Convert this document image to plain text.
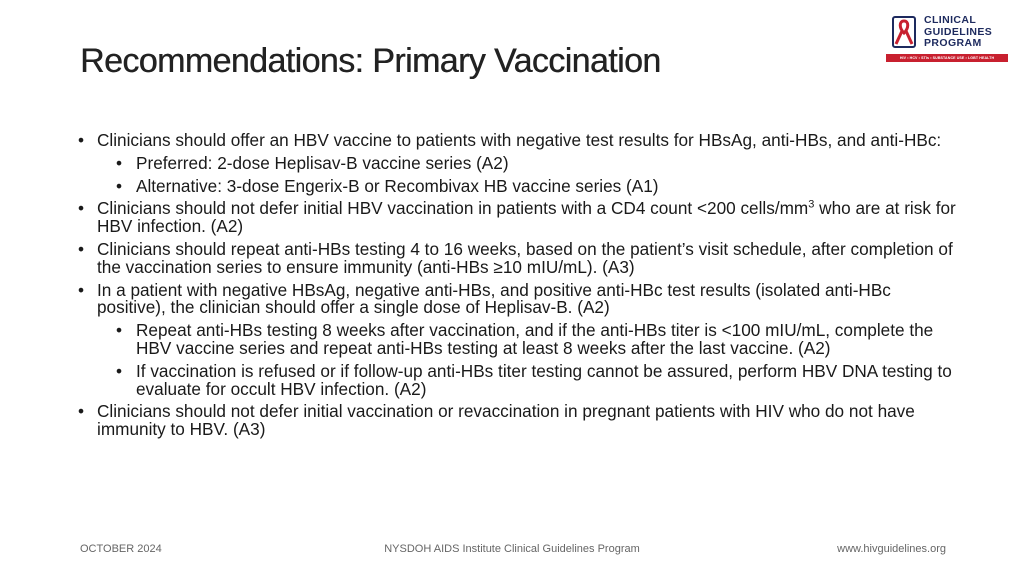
Recommendations: Primary Vaccination
CLINICAL
GUIDELINES
PROGRAM
HIV • HCV • STIs • SUBSTANCE USE • LGBT HEALTH
• Clinicians should offer an HBV vaccine to patients with negative test results for HBsAg, anti-HBs, and anti-HBc:
• Preferred: 2-dose Heplisav-B vaccine series (A2)
• Alternative: 3-dose Engerix-B or Recombivax HB vaccine series (A1)
• Clinicians should not defer initial HBV vaccination in patients with a CD4 count <200 cells/$mm^3$ who are at risk for HBV infection. (A2)
• Clinicians should repeat anti-HBs testing 4 to 16 weeks, based on the patient’s visit schedule, after completion of the vaccination series to ensure immunity (anti-HBs ≥10 mIU/mL). (A3)
• In a patient with negative HBsAg, negative anti-HBs, and positive anti-HBc test results (isolated anti-HBc positive), the clinician should offer a single dose of Heplisav-B. (A2)
• Repeat anti-HBs testing 8 weeks after vaccination, and if the anti-HBs titer is <100 mIU/mL, complete the HBV vaccine series and repeat anti-HBs testing at least 8 weeks after the last vaccine. (A2)
• If vaccination is refused or if follow-up anti-HBs titer testing cannot be assured, perform HBV DNA testing to evaluate for occult HBV infection. (A2)
• Clinicians should not defer initial vaccination or revaccination in pregnant patients with HIV who do not have immunity to HBV. (A3)
OCTOBER 2024	NYSDOH AIDS Institute Clinical Guidelines Program	www.hivguidelines.org
